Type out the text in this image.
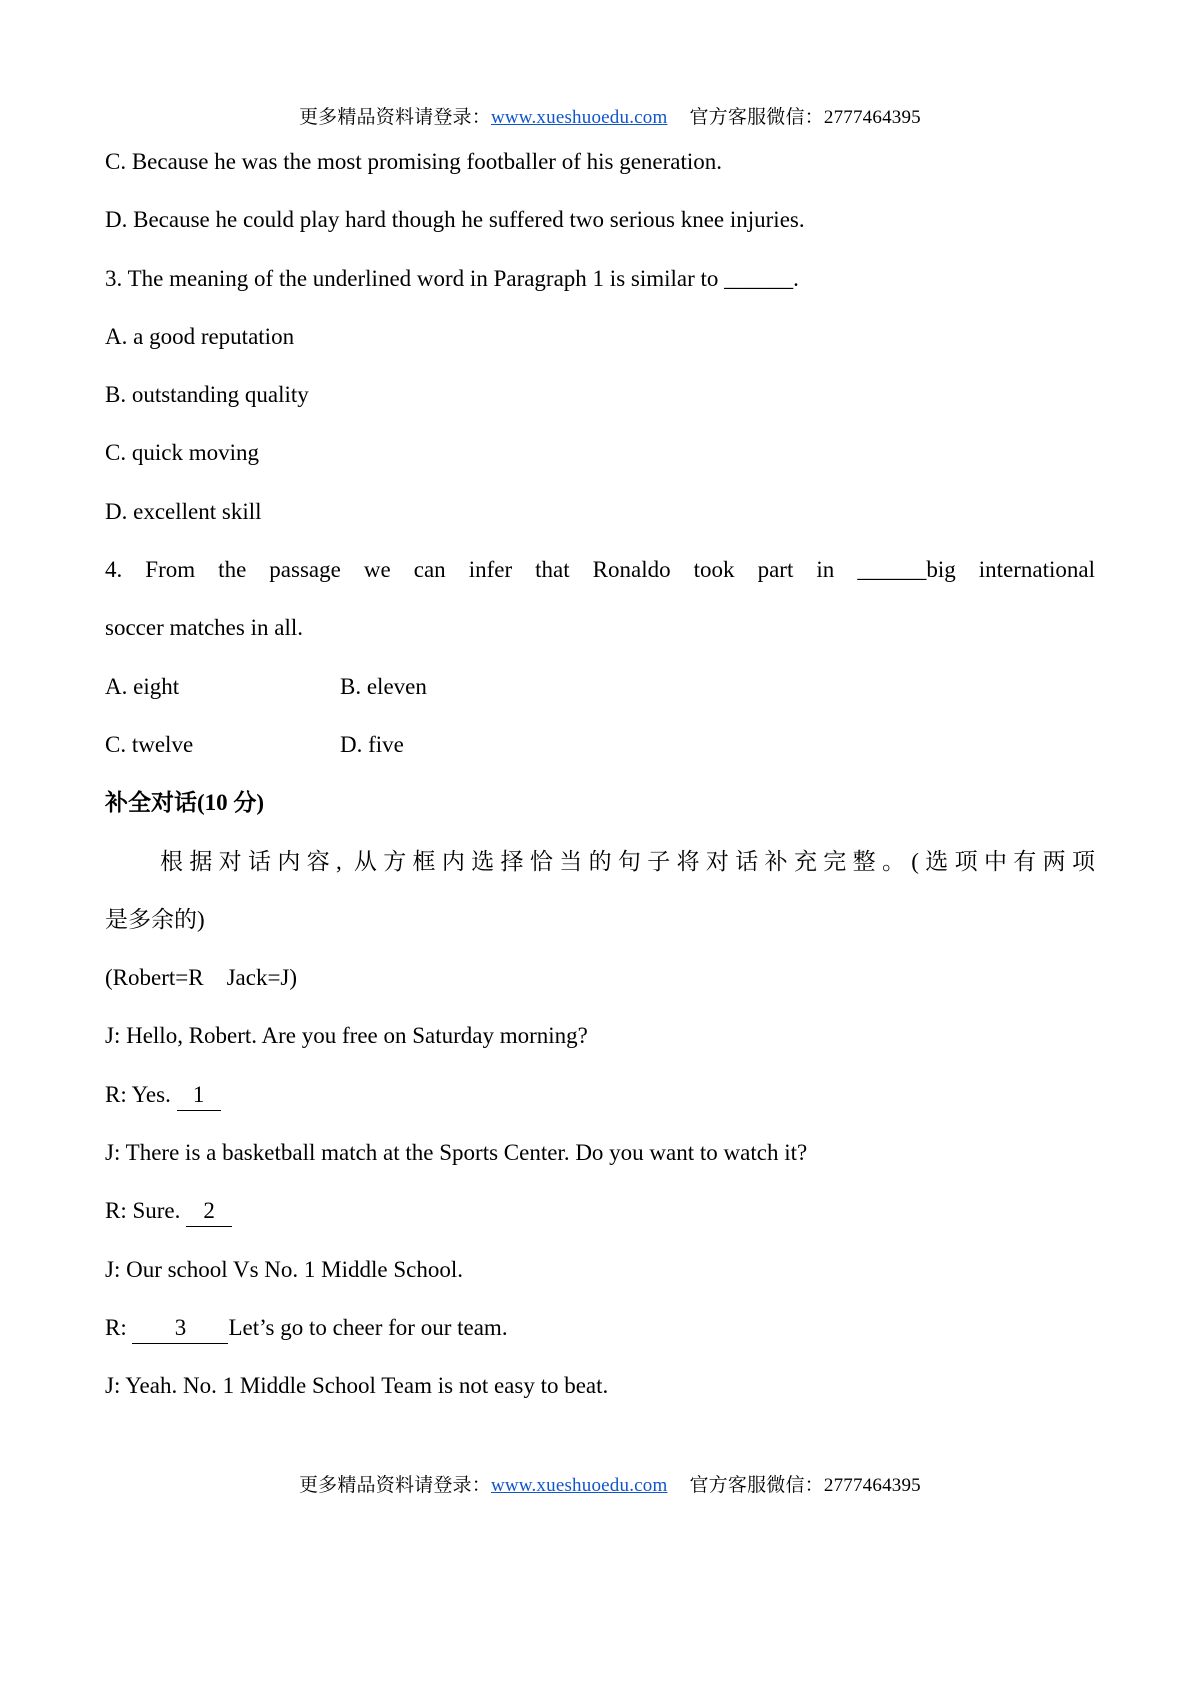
更多精品资料请登录：www.xueshuoedu.com 官方客服微信：2777464395

C. Because he was the most promising footballer of his generation.
D. Because he could play hard though he suffered two serious knee injuries.
3. The meaning of the underlined word in Paragraph 1 is similar to ______.
A. a good reputation
B. outstanding quality
C. quick moving
D. excellent skill
4. From the passage we can infer that Ronaldo took part in ______big international
soccer matches in all.
A. eight	B. eleven
C. twelve	D. five
补全对话(10 分)
根据对话内容, 从方框内选择恰当的句子将对话补充完整。(选项中有两项
是多余的)
(Robert=R    Jack=J)
J: Hello, Robert. Are you free on Saturday morning?
R: Yes. 1
J: There is a basketball match at the Sports Center. Do you want to watch it?
R: Sure. 2
J: Our school Vs No. 1 Middle School.
R: 3 Let’s go to cheer for our team.
J: Yeah. No. 1 Middle School Team is not easy to beat.

更多精品资料请登录：www.xueshuoedu.com 官方客服微信：2777464395
